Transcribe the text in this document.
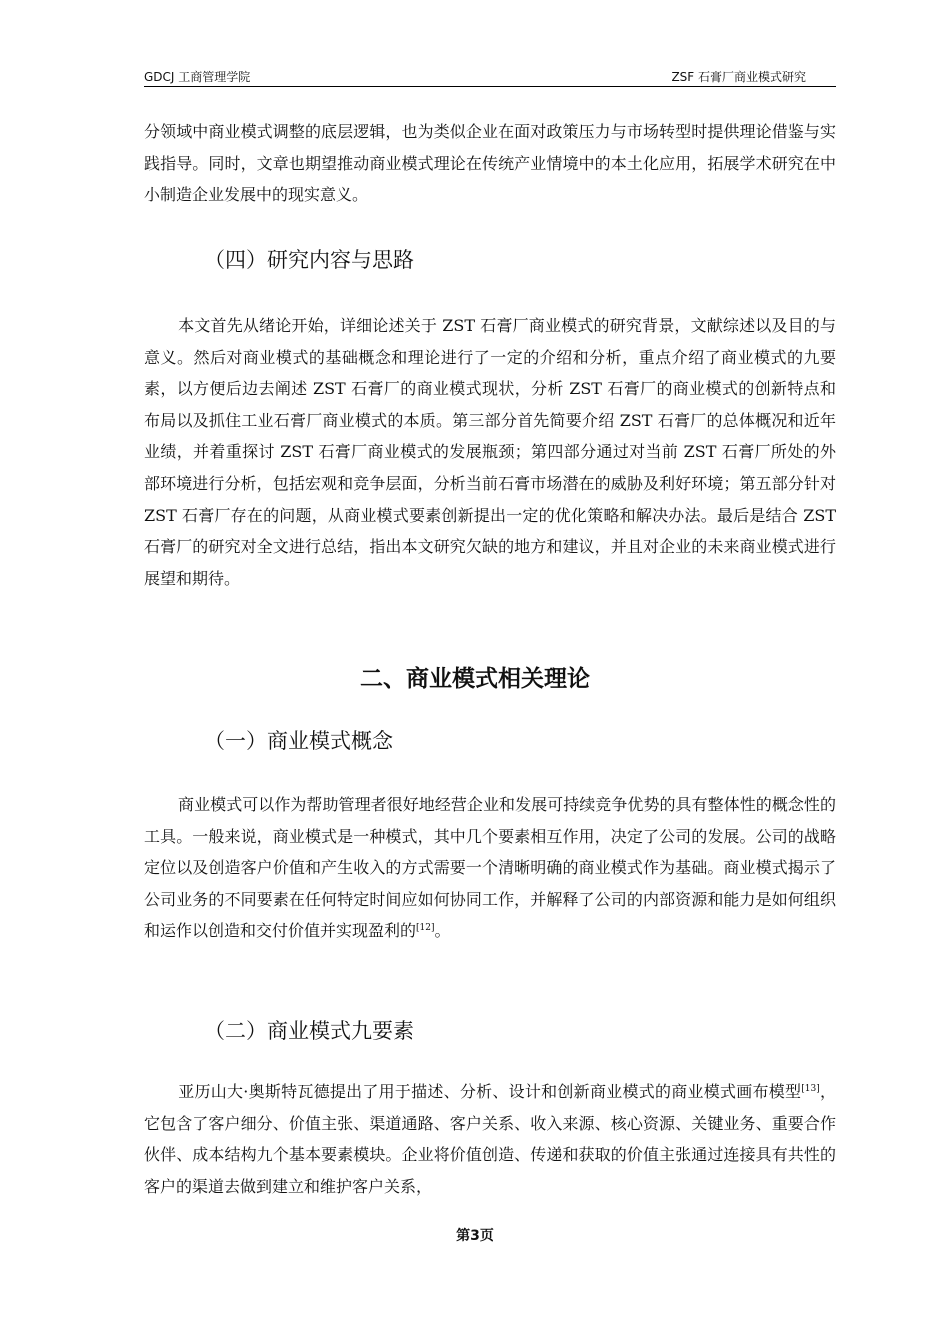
GDCJ 工商管理学院	ZSF 石膏厂商业模式研究
分领域中商业模式调整的底层逻辑，也为类似企业在面对政策压力与市场转型时提供理论借鉴与实践指导。同时，文章也期望推动商业模式理论在传统产业情境中的本土化应用，拓展学术研究在中小制造企业发展中的现实意义。
（四）研究内容与思路
本文首先从绪论开始，详细论述关于 ZST 石膏厂商业模式的研究背景，文献综述以及目的与意义。然后对商业模式的基础概念和理论进行了一定的介绍和分析，重点介绍了商业模式的九要素，以方便后边去阐述 ZST 石膏厂的商业模式现状，分析 ZST 石膏厂的商业模式的创新特点和布局以及抓住工业石膏厂商业模式的本质。第三部分首先简要介绍 ZST 石膏厂的总体概况和近年业绩，并着重探讨 ZST 石膏厂商业模式的发展瓶颈；第四部分通过对当前 ZST 石膏厂所处的外部环境进行分析，包括宏观和竞争层面，分析当前石膏市场潜在的威胁及利好环境；第五部分针对 ZST 石膏厂存在的问题，从商业模式要素创新提出一定的优化策略和解决办法。最后是结合 ZST 石膏厂的研究对全文进行总结，指出本文研究欠缺的地方和建议，并且对企业的未来商业模式进行展望和期待。
二、商业模式相关理论
（一）商业模式概念
商业模式可以作为帮助管理者很好地经营企业和发展可持续竞争优势的具有整体性的概念性的工具。一般来说，商业模式是一种模式，其中几个要素相互作用，决定了公司的发展。公司的战略定位以及创造客户价值和产生收入的方式需要一个清晰明确的商业模式作为基础。商业模式揭示了公司业务的不同要素在任何特定时间应如何协同工作，并解释了公司的内部资源和能力是如何组织和运作以创造和交付价值并实现盈利的[12]。
（二）商业模式九要素
亚历山大·奥斯特瓦德提出了用于描述、分析、设计和创新商业模式的商业模式画布模型[13]，它包含了客户细分、价值主张、渠道通路、客户关系、收入来源、核心资源、关键业务、重要合作伙伴、成本结构九个基本要素模块。企业将价值创造、传递和获取的价值主张通过连接具有共性的客户的渠道去做到建立和维护客户关系，
第3页
